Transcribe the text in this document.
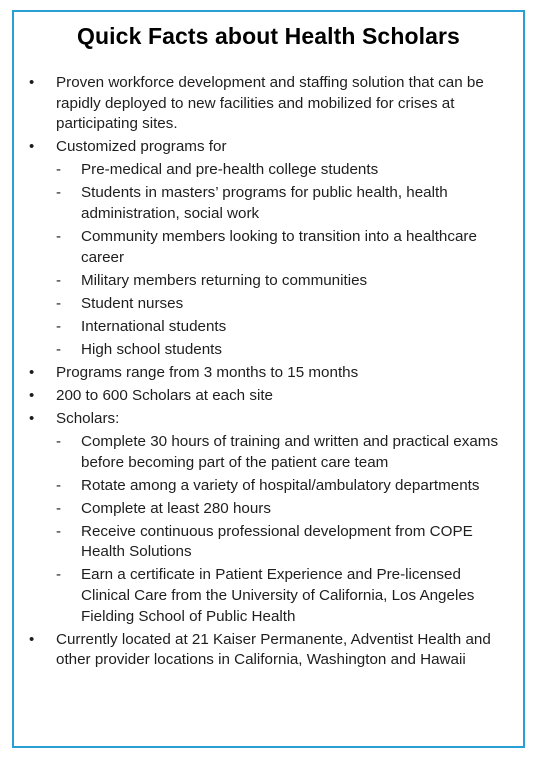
Quick Facts about Health Scholars
• Proven workforce development and staffing solution that can be rapidly deployed to new facilities and mobilized for crises at participating sites.
• Customized programs for
- Pre-medical and pre-health college students
- Students in masters’ programs for public health, health administration, social work
- Community members looking to transition into a healthcare career
- Military members returning to communities
- Student nurses
- International students
- High school students
• Programs range from 3 months to 15 months
• 200 to 600 Scholars at each site
• Scholars:
- Complete 30 hours of training and written and practical exams before becoming part of the patient care team
- Rotate among a variety of hospital/ambulatory departments
- Complete at least 280 hours
- Receive continuous professional development from COPE Health Solutions
- Earn a certificate in Patient Experience and Pre-licensed Clinical Care from the University of California, Los Angeles Fielding School of Public Health
• Currently located at 21 Kaiser Permanente, Adventist Health and other provider locations in California, Washington and Hawaii
